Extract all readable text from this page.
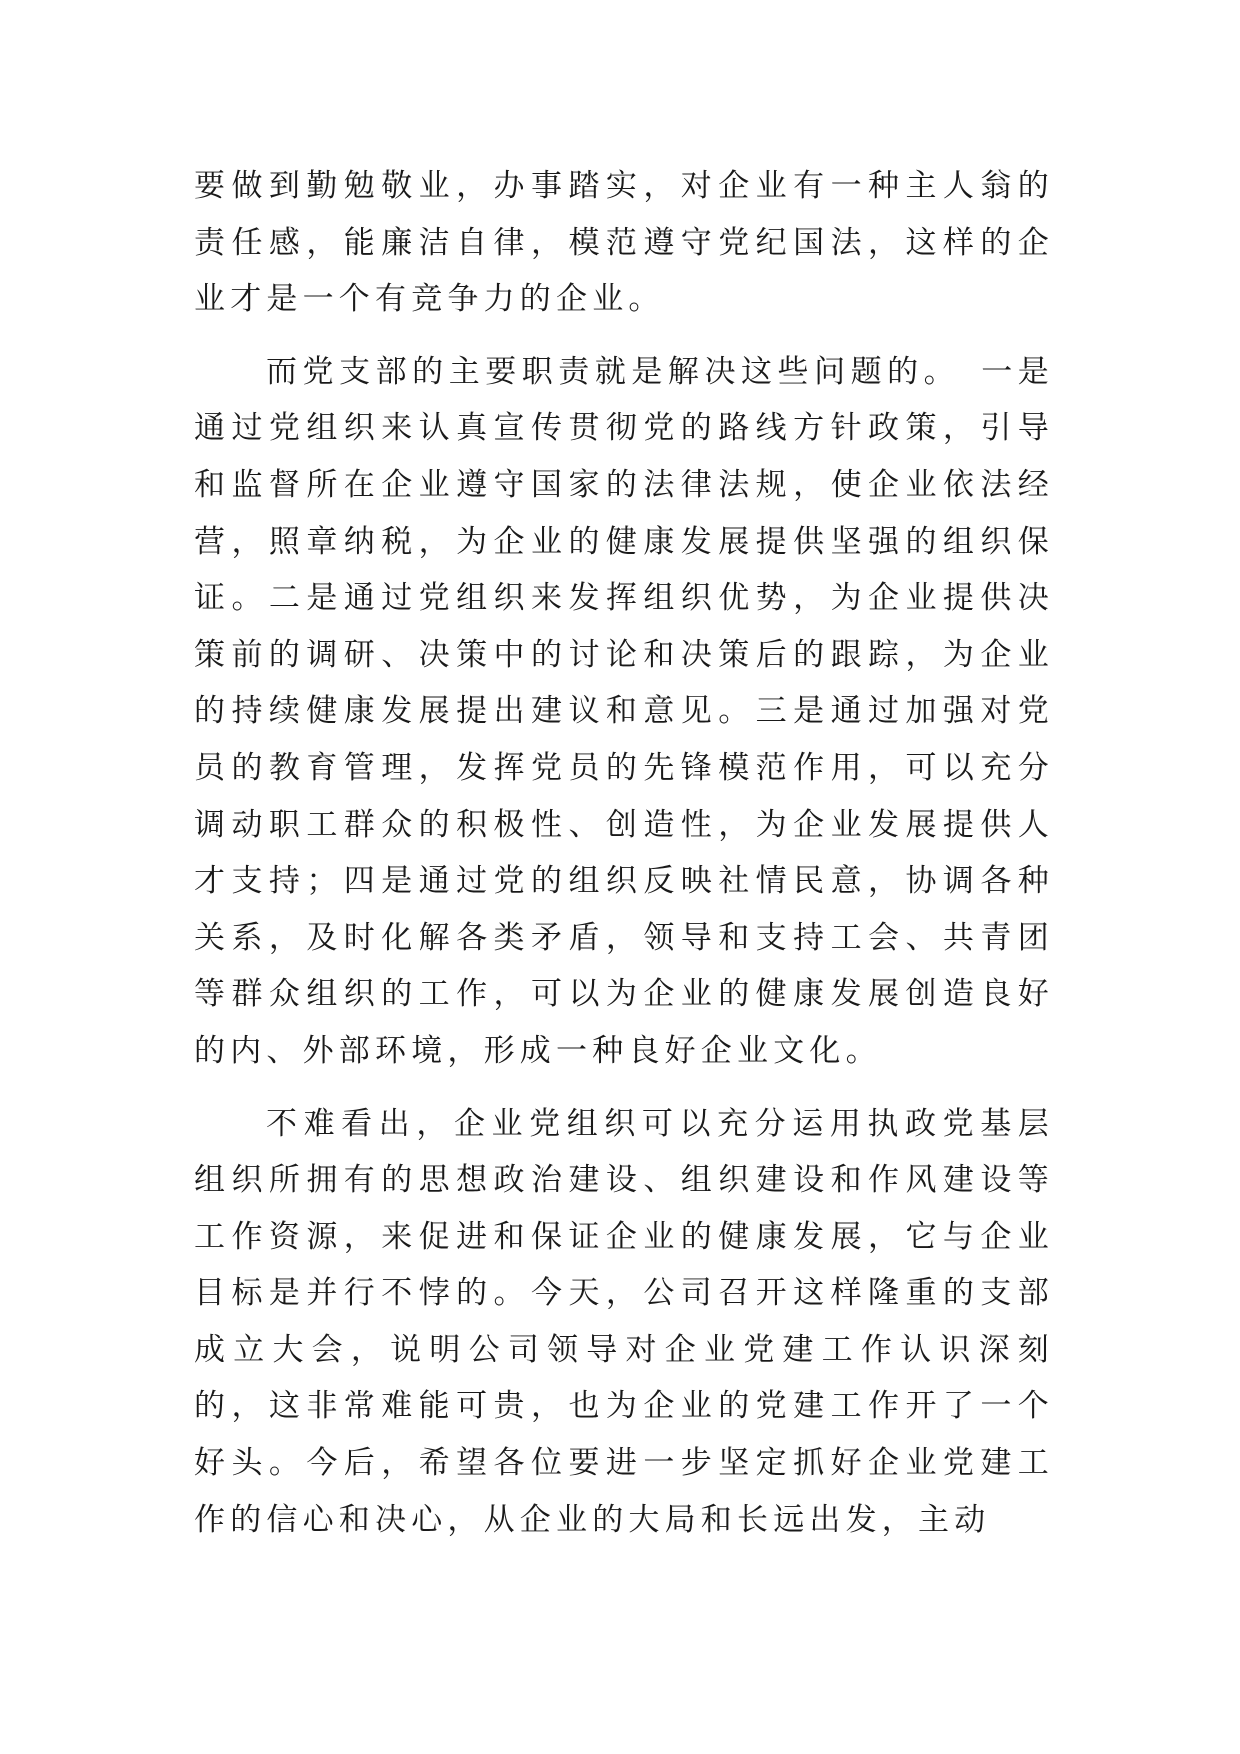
要做到勤勉敬业，办事踏实，对企业有一种主人翁的责任感，能廉洁自律，模范遵守党纪国法，这样的企业才是一个有竞争力的企业。

而党支部的主要职责就是解决这些问题的。　一是通过党组织来认真宣传贯彻党的路线方针政策，引导和监督所在企业遵守国家的法律法规，使企业依法经营，照章纳税，为企业的健康发展提供坚强的组织保证。二是通过党组织来发挥组织优势，为企业提供决策前的调研、决策中的讨论和决策后的跟踪，为企业的持续健康发展提出建议和意见。三是通过加强对党员的教育管理，发挥党员的先锋模范作用，可以充分调动职工群众的积极性、创造性，为企业发展提供人才支持；四是通过党的组织反映社情民意，协调各种关系，及时化解各类矛盾，领导和支持工会、共青团等群众组织的工作，可以为企业的健康发展创造良好的内、外部环境，形成一种良好企业文化。

不难看出，企业党组织可以充分运用执政党基层组织所拥有的思想政治建设、组织建设和作风建设等工作资源，来促进和保证企业的健康发展，它与企业目标是并行不悖的。今天，公司召开这样隆重的支部成立大会，说明公司领导对企业党建工作认识深刻的，这非常难能可贵，也为企业的党建工作开了一个好头。今后，希望各位要进一步坚定抓好企业党建工作的信心和决心，从企业的大局和长远出发，主动
